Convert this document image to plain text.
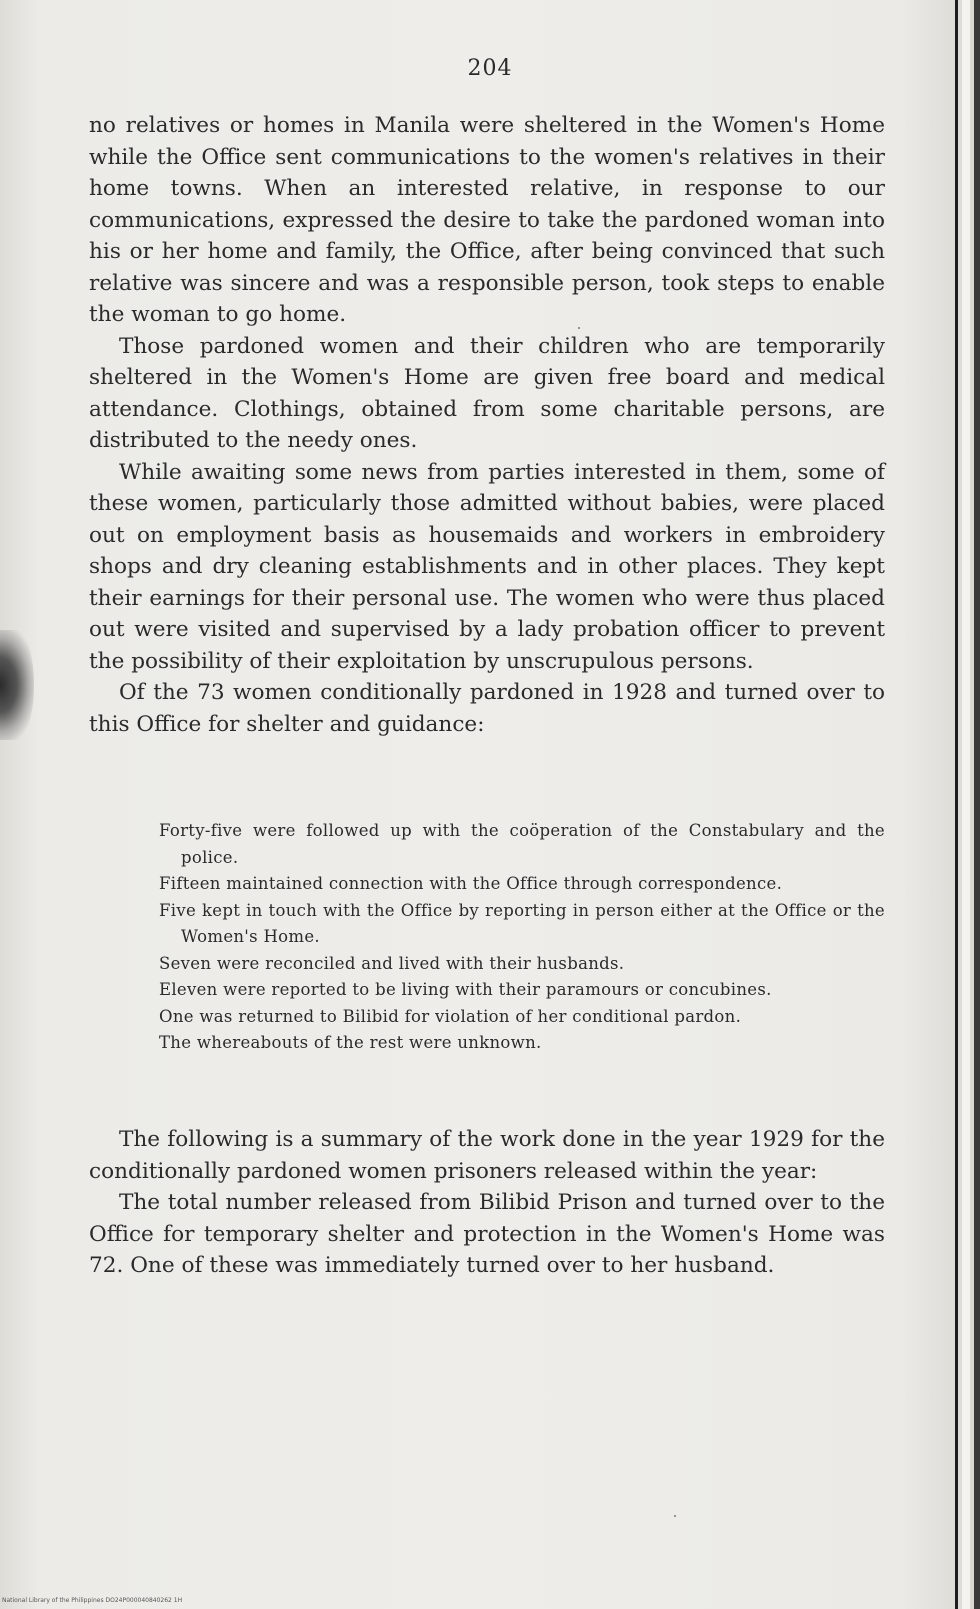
204

no relatives or homes in Manila were sheltered in the Women's Home while the Office sent communications to the women's relatives in their home towns. When an interested relative, in response to our communications, expressed the desire to take the pardoned woman into his or her home and family, the Office, after being convinced that such relative was sincere and was a responsible person, took steps to enable the woman to go home.

Those pardoned women and their children who are temporarily sheltered in the Women's Home are given free board and medical attendance. Clothings, obtained from some charitable persons, are distributed to the needy ones.

While awaiting some news from parties interested in them, some of these women, particularly those admitted without babies, were placed out on employment basis as housemaids and workers in embroidery shops and dry cleaning establishments and in other places. They kept their earnings for their personal use. The women who were thus placed out were visited and supervised by a lady probation officer to prevent the possibility of their exploitation by unscrupulous persons.

Of the 73 women conditionally pardoned in 1928 and turned over to this Office for shelter and guidance:

Forty-five were followed up with the coöperation of the Constabulary and the police.

Fifteen maintained connection with the Office through correspondence.

Five kept in touch with the Office by reporting in person either at the Office or the Women's Home.

Seven were reconciled and lived with their husbands.

Eleven were reported to be living with their paramours or concubines.

One was returned to Bilibid for violation of her conditional pardon.

The whereabouts of the rest were unknown.

The following is a summary of the work done in the year 1929 for the conditionally pardoned women prisoners released within the year:

The total number released from Bilibid Prison and turned over to the Office for temporary shelter and protection in the Women's Home was 72. One of these was immediately turned over to her husband.

National Library of the Philippines DO24P000040840262 1H
